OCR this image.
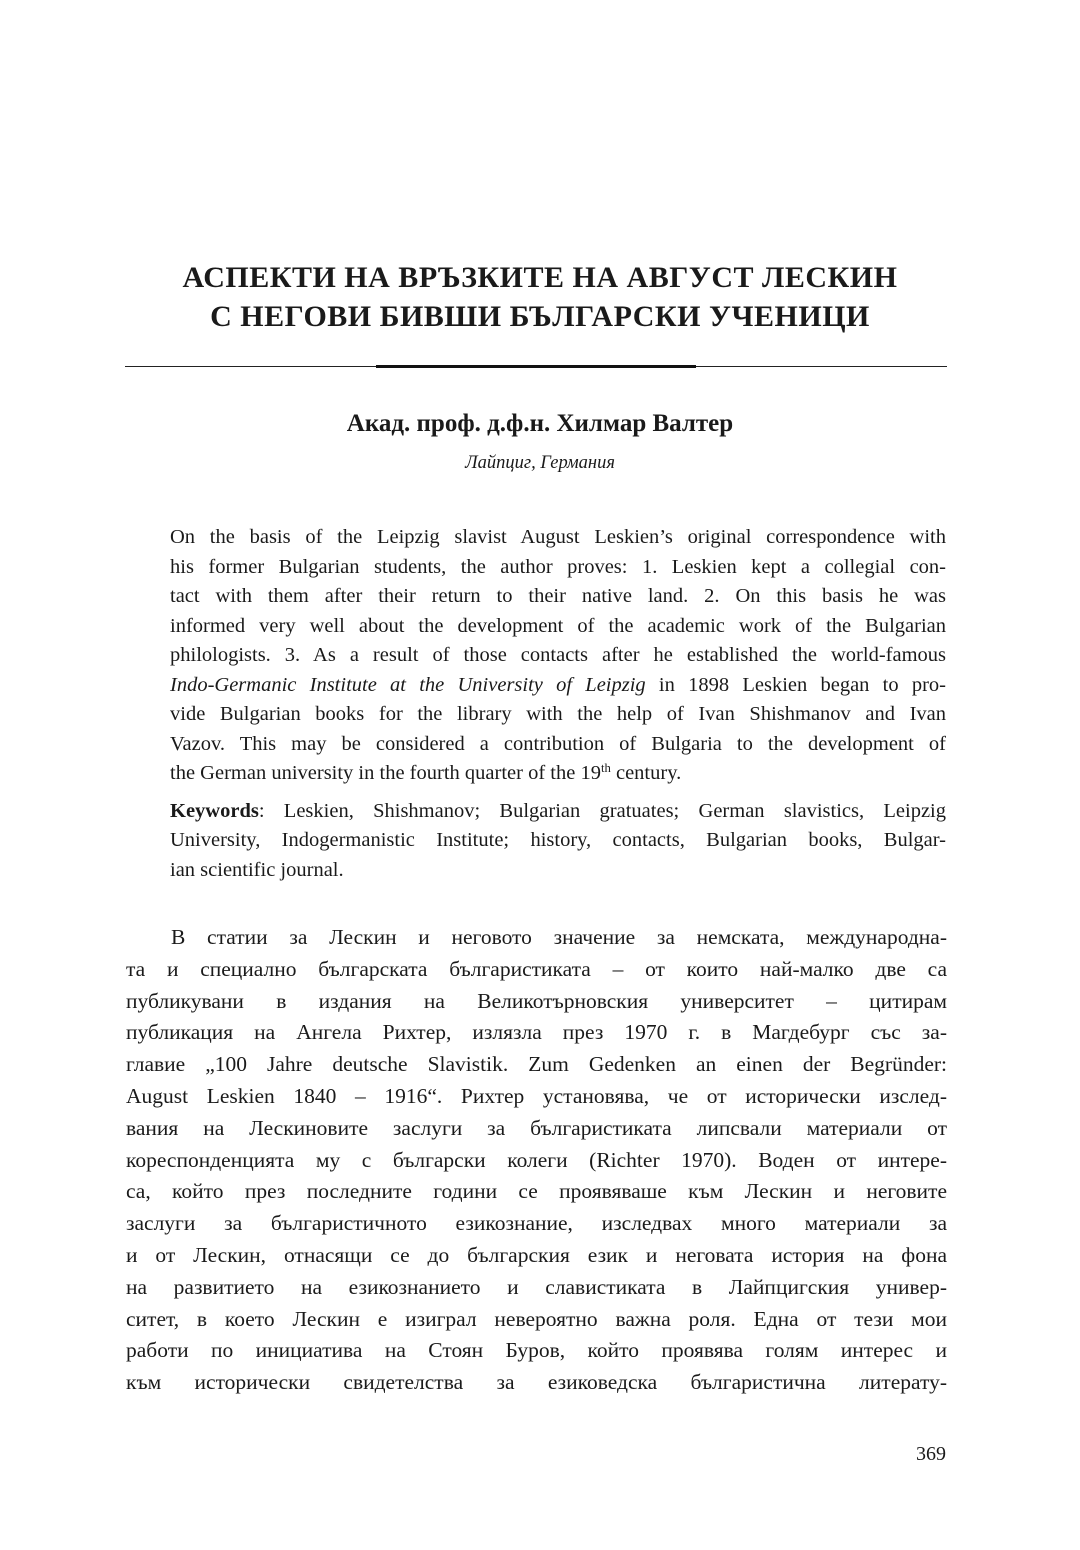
АСПЕКТИ НА ВРЪЗКИТЕ НА АВГУСТ ЛЕСКИН
С НЕГОВИ БИВШИ БЪЛГАРСКИ УЧЕНИЦИ
Акад. проф. д.ф.н. Хилмар Валтер
Лайпциг, Германия

On the basis of the Leipzig slavist August Leskien’s original correspondence with
his former Bulgarian students, the author proves: 1. Leskien kept a collegial con-
tact with them after their return to their native land. 2. On this basis he was
informed very well about the development of the academic work of the Bulgarian
philologists. 3. As a result of those contacts after he established the world-famous
Indo-Germanic Institute at the University of Leipzig in 1898 Leskien began to pro-
vide Bulgarian books for the library with the help of Ivan Shishmanov and Ivan
Vazov. This may be considered a contribution of Bulgaria to the development of
the German university in the fourth quarter of the 19th century.

Keywords: Leskien, Shishmanov; Bulgarian gratuates; German slavistics, Leipzig
University, Indogermanistic Institute; history, contacts, Bulgarian books, Bulgar-
ian scientific journal.

В статии за Лескин и неговото значение за немската, международна-
та и специално българската българистиката – от които най-малко две са
публикувани в издания на Великотърновския университет – цитирам
публикация на Ангела Рихтер, излязла през 1970 г. в Магдебург със за-
главие „100 Jahre deutsche Slavistik. Zum Gedenken an einen der Begründer:
August Leskien 1840 – 1916“. Рихтер установява, че от исторически изслед-
вания на Лескиновите заслуги за българистиката липсвали материали от
кореспонденцията му с български колеги (Richter 1970). Воден от интере-
са, който през последните години се проявяваше към Лескин и неговите
заслуги за българистичното езикознание, изследвах много материали за
и от Лескин, отнасящи се до българския език и неговата история на фона
на развитието на езикознанието и славистиката в Лайпцигския универ-
ситет, в което Лескин е изиграл невероятно важна роля. Една от тези мои
работи по инициатива на Стоян Буров, който проявява голям интерес и
към исторически свидетелства за езиковедска българистична литерату-
369
